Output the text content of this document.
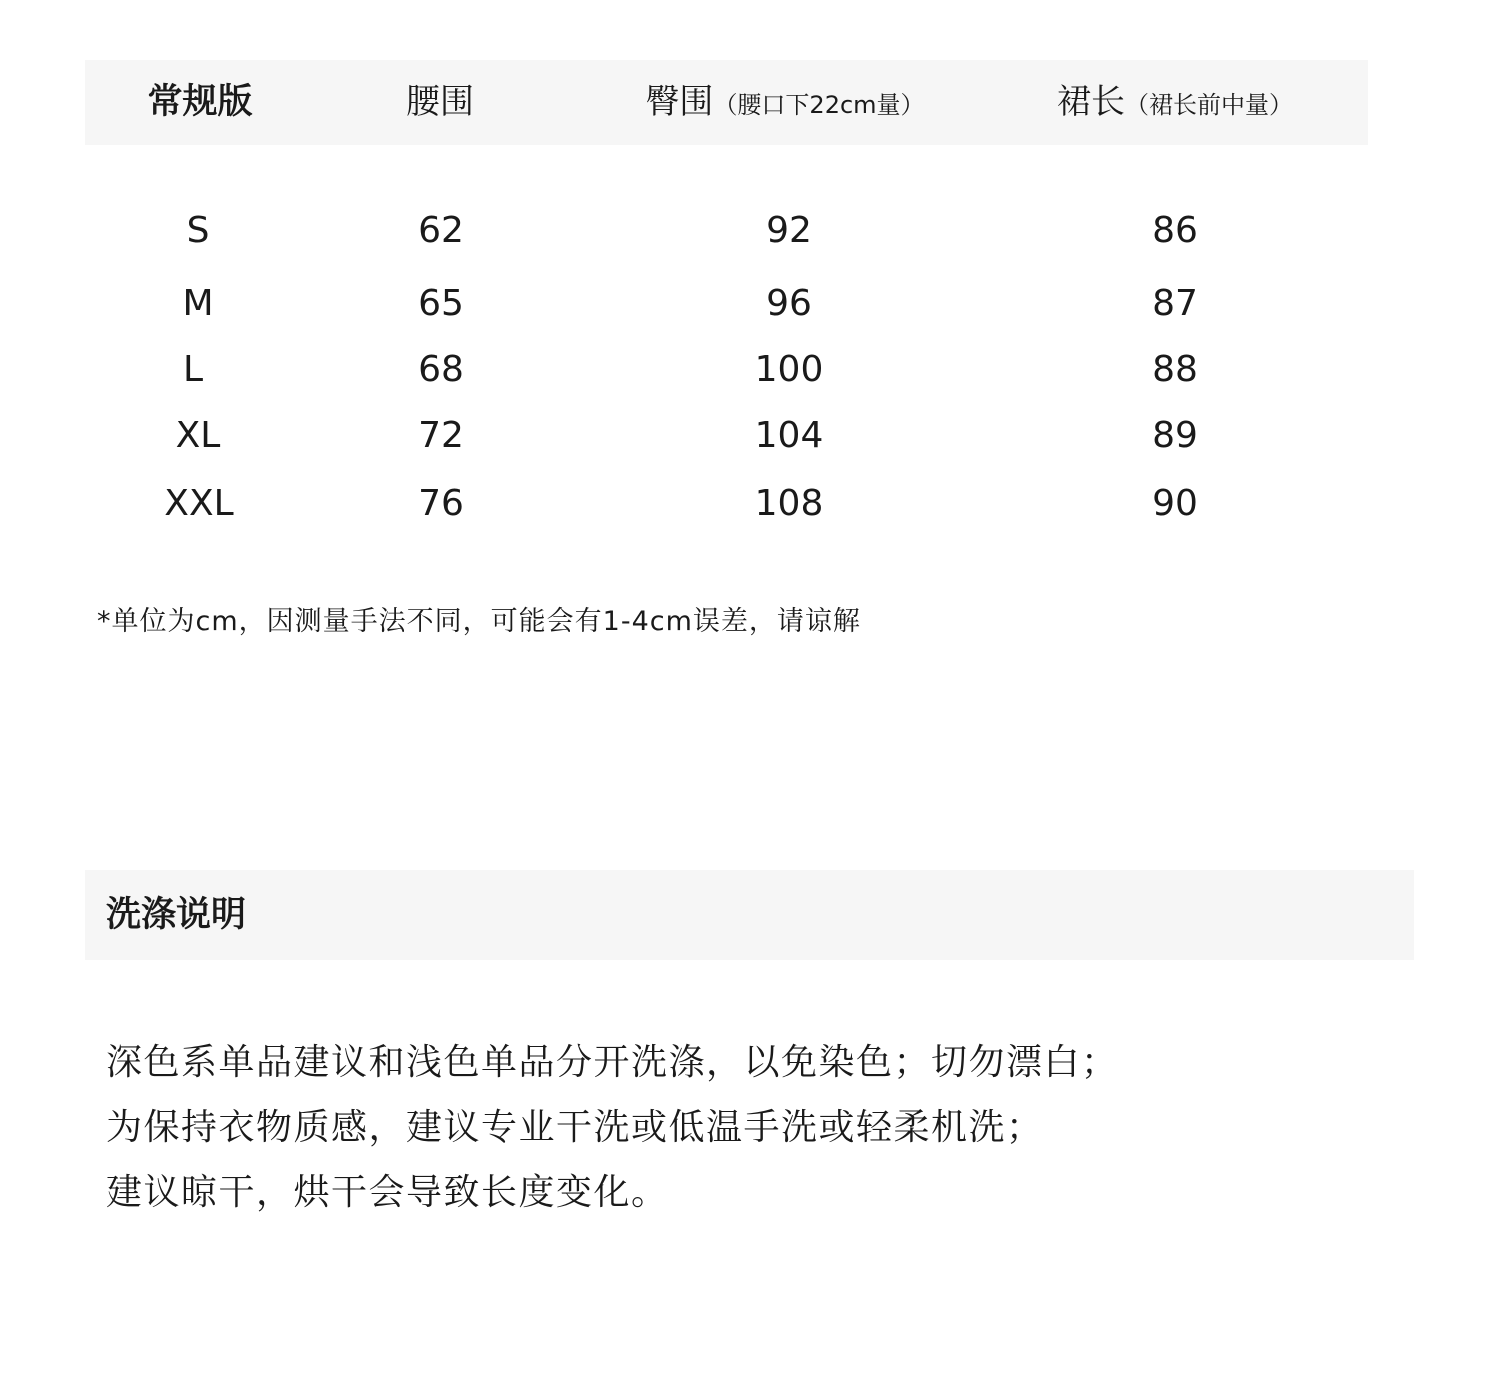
常规版	腰围	臀围（腰口下22cm量）	裙长（裙长前中量）
S	62	92	86
M	65	96	87
L	68	100	88
XL	72	104	89
XXL	76	108	90
*单位为cm，因测量手法不同，可能会有1-4cm误差，请谅解
洗涤说明
深色系单品建议和浅色单品分开洗涤，以免染色；切勿漂白；
为保持衣物质感，建议专业干洗或低温手洗或轻柔机洗；
建议晾干，烘干会导致长度变化。
